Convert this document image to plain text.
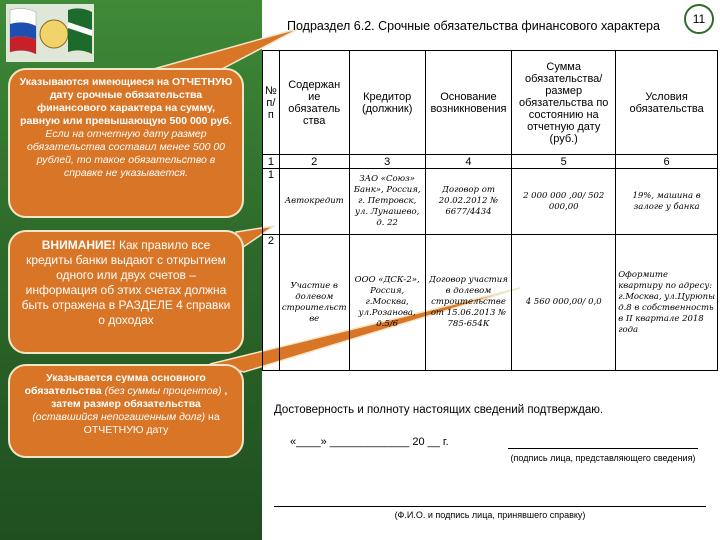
11
Подраздел 6.2. Срочные обязательства финансового характера
Указываются имеющиеся на ОТЧЕТНУЮ дату срочные обязательства финансового характера на сумму, равную или превышающую 500 000 руб.
Если на отчетную дату размер обязательства составил менее 500 00 рублей, то такое обязательство в справке не указывается.
ВНИМАНИЕ! Как правило все кредиты банки выдают с открытием одного или двух счетов – информация об этих счетах должна быть отражена в РАЗДЕЛЕ 4 справки о доходах
Указывается сумма основного обязательства (без суммы процентов) , затем размер обязательства (оставшийся непогашенным долг) на ОТЧЕТНУЮ дату
№ п/п	Содержан ие обязатель ства	Кредитор (должник)	Основание возникновения	Сумма обязательства/ размер обязательства по состоянию на отчетную дату (руб.)	Условия обязательства
1	2	3	4	5	6
1	Автокредит	ЗАО «Союз» Банк», Россия, г. Петровск, ул. Лунашево, д. 22	Договор от 20.02.2012 № 6677/4434	2 000 000 ,00/ 502 000,00	19%, машина в залоге у банка
2	Участие в долевом строительст ве	ООО «ДСК-2», Россия, г.Москва, ул.Розанова, д.5/6	Договор участия в долевом строительстве от 15.06.2013 № 785-654К	4 560 000,00/ 0,0	Оформите квартиру по адресу: г.Москва, ул.Цурюпы д.8 в собственность в II квартале 2018 года
Достоверность и полноту настоящих сведений подтверждаю.
«____» _____________ 20 __ г.
(подпись лица, представляющего сведения)
(Ф.И.О. и подпись лица, принявшего справку)
